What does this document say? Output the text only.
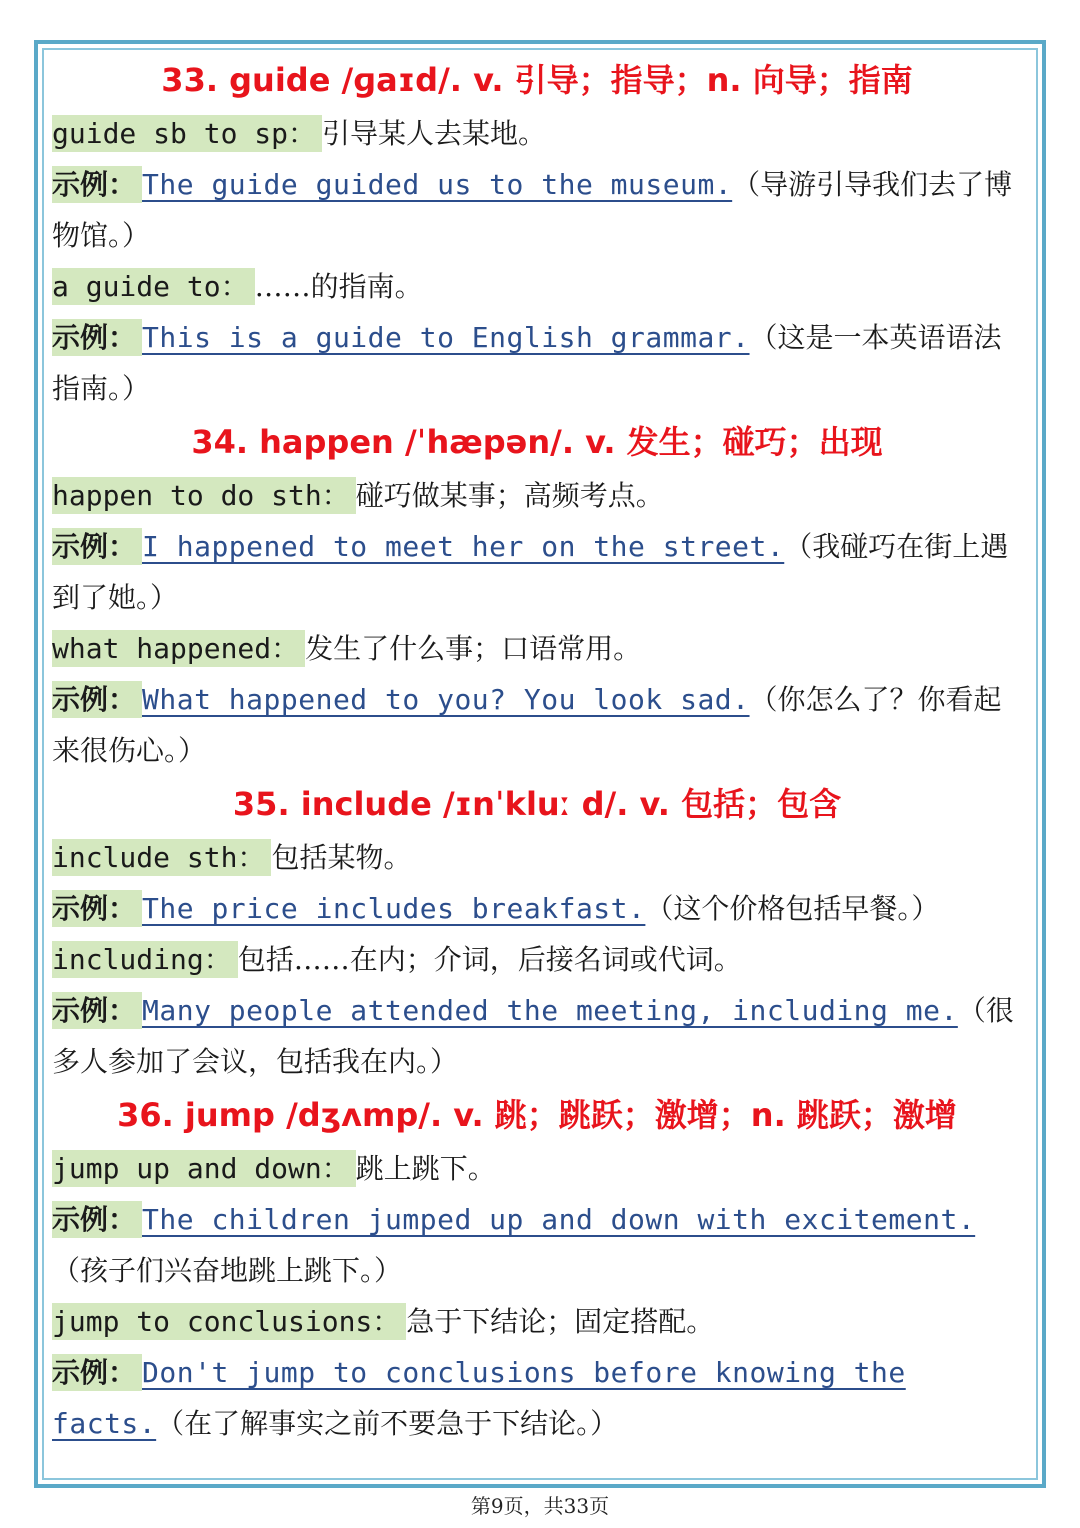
33. guide /ɡaɪd/. v. 引导；指导；n. 向导；指南
guide sb to sp： 引导某人去某地。
示例： The guide guided us to the museum.（导游引导我们去了博物馆。）
a guide to： ……的指南。
示例： This is a guide to English grammar.（这是一本英语语法指南。）
34. happen /ˈhæpən/. v. 发生；碰巧；出现
happen to do sth： 碰巧做某事；高频考点。
示例： I happened to meet her on the street.（我碰巧在街上遇到了她。）
what happened： 发生了什么事；口语常用。
示例： What happened to you? You look sad.（你怎么了？你看起来很伤心。）
35. include /ɪnˈkluː d/. v. 包括；包含
include sth： 包括某物。
示例： The price includes breakfast.（这个价格包括早餐。）
including： 包括……在内；介词，后接名词或代词。
示例： Many people attended the meeting, including me.（很多人参加了会议，包括我在内。）
36. jump /dʒʌmp/. v. 跳；跳跃；激增；n. 跳跃；激增
jump up and down： 跳上跳下。
示例： The children jumped up and down with excitement.（孩子们兴奋地跳上跳下。）
jump to conclusions： 急于下结论；固定搭配。
示例： Don't jump to conclusions before knowing the facts.（在了解事实之前不要急于下结论。）
第9页，共33页
